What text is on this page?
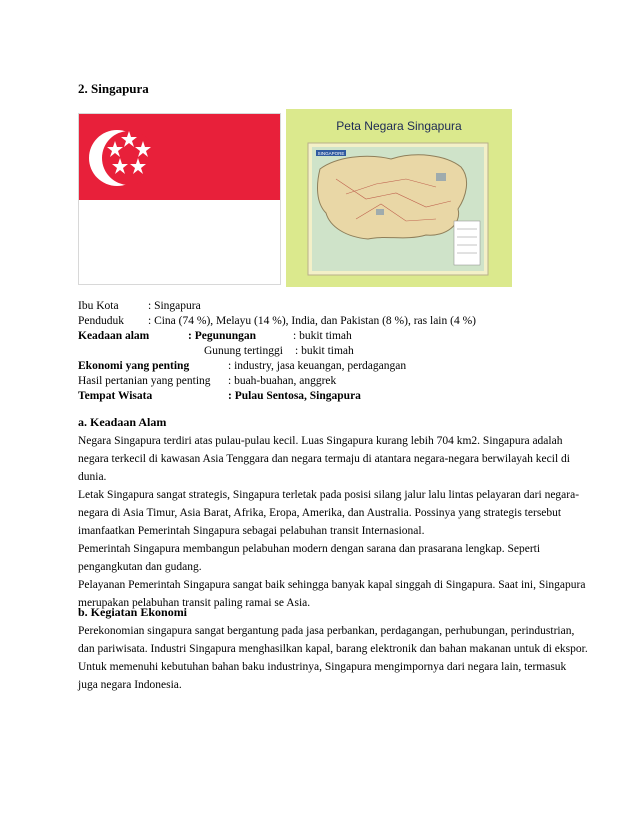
2. Singapura
SINGAPORE
Peta Negara Singapura
Ibu Kota	: Singapura
Penduduk : Cina (74 %), Melayu (14 %), India, dan Pakistan (8 %), ras lain (4 %)
Keadaan alam	: Pegunungan	: bukit timah
Gunung tertinggi : bukit timah
Ekonomi yang penting	: industry, jasa keuangan, perdagangan
Hasil pertanian yang penting : buah-buahan, anggrek
Tempat Wisata	: Pulau Sentosa, Singapura
a. Keadaan Alam

Negara Singapura terdiri atas pulau-pulau kecil. Luas Singapura kurang lebih 704 km2. Singapura adalah negara terkecil di kawasan Asia Tenggara dan negara termaju di atantara negara-negara berwilayah kecil di dunia.

Letak Singapura sangat strategis, Singapura terletak pada posisi silang jalur lalu lintas pelayaran dari negara-negara di Asia Timur, Asia Barat, Afrika, Eropa, Amerika, dan Australia. Possinya yang strategis tersebut imanfaatkan Pemerintah Singapura sebagai pelabuhan transit Internasional.

Pemerintah Singapura membangun pelabuhan modern dengan sarana dan prasarana lengkap. Seperti pengangkutan dan gudang.

Pelayanan Pemerintah Singapura sangat baik sehingga banyak kapal singgah di Singapura. Saat ini, Singapura merupakan pelabuhan transit paling ramai se Asia.

b. Kegiatan Ekonomi

Perekonomian singapura sangat bergantung pada jasa perbankan, perdagangan, perhubungan, perindustrian, dan pariwisata. Industri Singapura menghasilkan kapal, barang elektronik dan bahan makanan untuk di ekspor. Untuk memenuhi kebutuhan bahan baku industrinya, Singapura mengimpornya dari negara lain, termasuk juga negara Indonesia.
